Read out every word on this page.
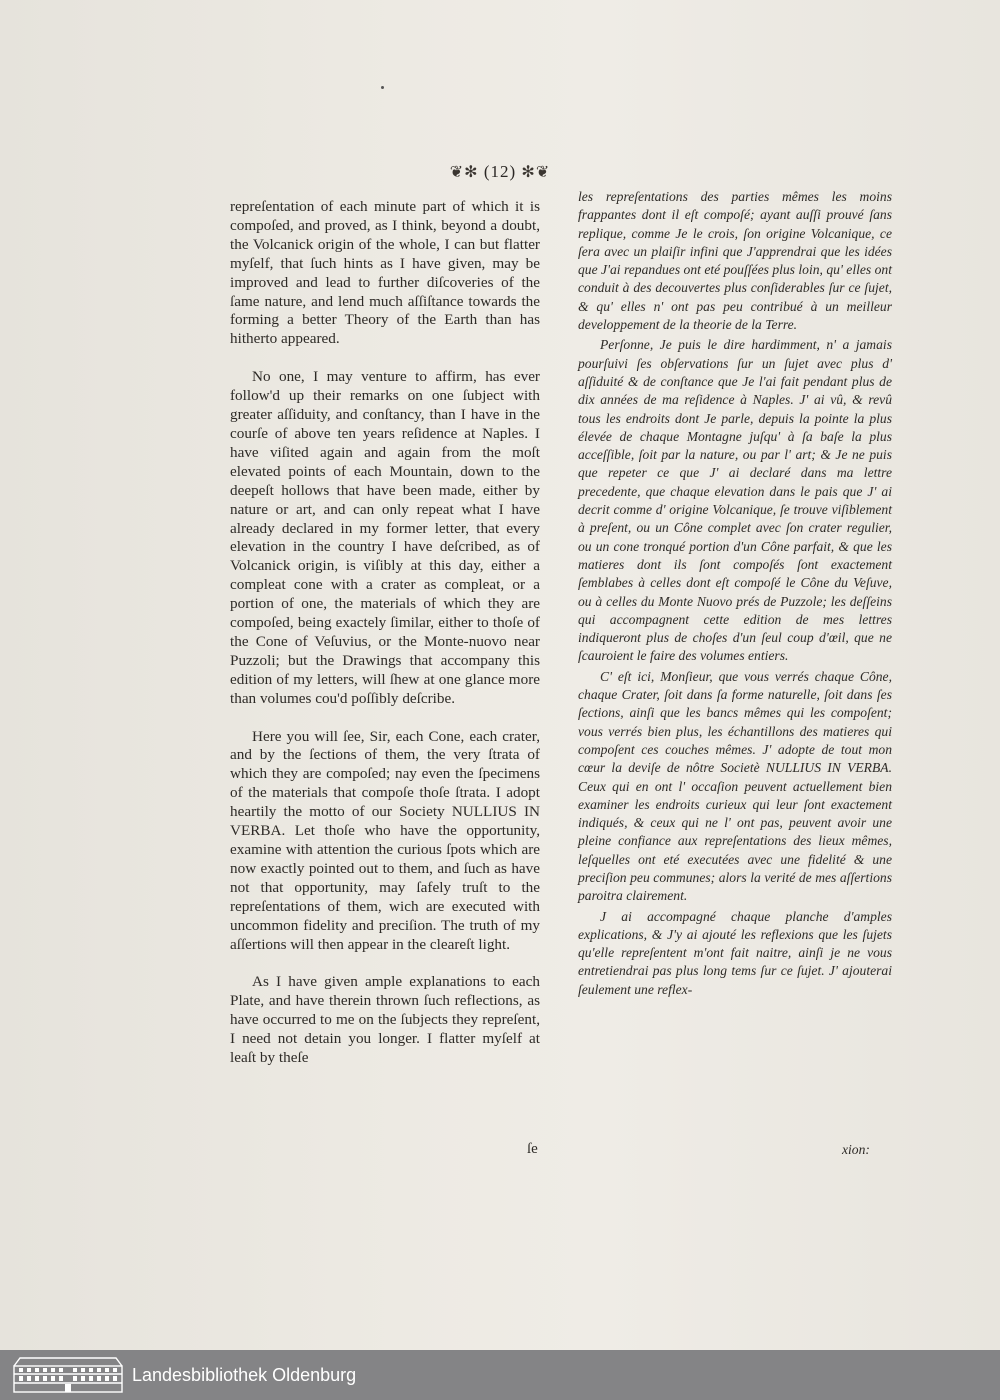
❦✻ (12) ✻❦

repreſentation of each minute part of which it is compoſed, and proved, as I think, beyond a doubt, the Volcanick origin of the whole, I can but flatter myſelf, that ſuch hints as I have given, may be improved and lead to further diſcoveries of the ſame nature, and lend much aſſiſtance towards the forming a better Theory of the Earth than has hitherto appeared.

No one, I may venture to affirm, has ever follow'd up their remarks on one ſubject with greater aſſiduity, and conſtancy, than I have in the courſe of above ten years reſidence at Naples. I have viſited again and again from the moſt elevated points of each Mountain, down to the deepeſt hollows that have been made, either by nature or art, and can only repeat what I have already declared in my former letter, that every elevation in the country I have deſcribed, as of Volcanick origin, is viſibly at this day, either a compleat cone with a crater as compleat, or a portion of one, the materials of which they are compoſed, being exactely ſimilar, either to thoſe of the Cone of Veſuvius, or the Monte-nuovo near Puzzoli; but the Drawings that accompany this edition of my letters, will ſhew at one glance more than volumes cou'd poſſibly deſcribe.

Here you will ſee, Sir, each Cone, each crater, and by the ſections of them, the very ſtrata of which they are compoſed; nay even the ſpecimens of the materials that compoſe thoſe ſtrata. I adopt heartily the motto of our Society NULLIUS IN VERBA. Let thoſe who have the opportunity, examine with attention the curious ſpots which are now exactly pointed out to them, and ſuch as have not that opportunity, may ſafely truſt to the repreſentations of them, wich are executed with uncommon fidelity and preciſion. The truth of my aſſertions will then appear in the cleareſt light.

As I have given ample explanations to each Plate, and have therein thrown ſuch reflections, as have occurred to me on the ſubjects they repreſent, I need not detain you longer. I flatter myſelf at leaſt by theſe

ſe

les repreſentations des parties mêmes les moins frappantes dont il eſt compoſé; ayant auſſi prouvé ſans replique, comme Je le crois, ſon origine Volcanique, ce ſera avec un plaiſir infini que J'apprendrai que les idées que J'ai repandues ont eté pouſſées plus loin, qu' elles ont conduit à des decouvertes plus conſiderables ſur ce ſujet, & qu' elles n' ont pas peu contribué à un meilleur developpement de la theorie de la Terre.

Perſonne, Je puis le dire hardimment, n' a jamais pourſuivi ſes obſervations ſur un ſujet avec plus d' aſſiduité & de conſtance que Je l'ai fait pendant plus de dix années de ma reſidence à Naples. J' ai vû, & revû tous les endroits dont Je parle, depuis la pointe la plus élevée de chaque Montagne juſqu' à ſa baſe la plus acceſſible, ſoit par la nature, ou par l' art; & Je ne puis que repeter ce que J' ai declaré dans ma lettre precedente, que chaque elevation dans le pais que J' ai decrit comme d' origine Volcanique, ſe trouve viſiblement à preſent, ou un Cône complet avec ſon crater regulier, ou un cone tronqué portion d'un Cône parfait, & que les matieres dont ils ſont compoſés ſont exactement ſemblabes à celles dont eſt compoſé le Cône du Veſuve, ou à celles du Monte Nuovo prés de Puzzole; les deſſeins qui accompagnent cette edition de mes lettres indiqueront plus de choſes d'un ſeul coup d'œil, que ne ſcauroient le faire des volumes entiers.

C' eſt ici, Monſieur, que vous verrés chaque Cône, chaque Crater, ſoit dans ſa forme naturelle, ſoit dans ſes ſections, ainſi que les bancs mêmes qui les compoſent; vous verrés bien plus, les échantillons des matieres qui compoſent ces couches mêmes. J' adopte de tout mon cœur la deviſe de nôtre Societè NULLIUS IN VERBA. Ceux qui en ont l' occaſion peuvent actuellement bien examiner les endroits curieux qui leur ſont exactement indiqués, & ceux qui ne l' ont pas, peuvent avoir une pleine confiance aux repreſentations des lieux mêmes, leſquelles ont eté executées avec une fidelité & une preciſion peu communes; alors la verité de mes aſſertions paroitra clairement.

J ai accompagné chaque planche d'amples explications, & J'y ai ajouté les reflexions que les ſujets qu'elle repreſentent m'ont fait naitre, ainſi je ne vous entretiendrai pas plus long tems ſur ce ſujet. J' ajouterai ſeulement une reflex-

xion:
Landesbibliothek Oldenburg
